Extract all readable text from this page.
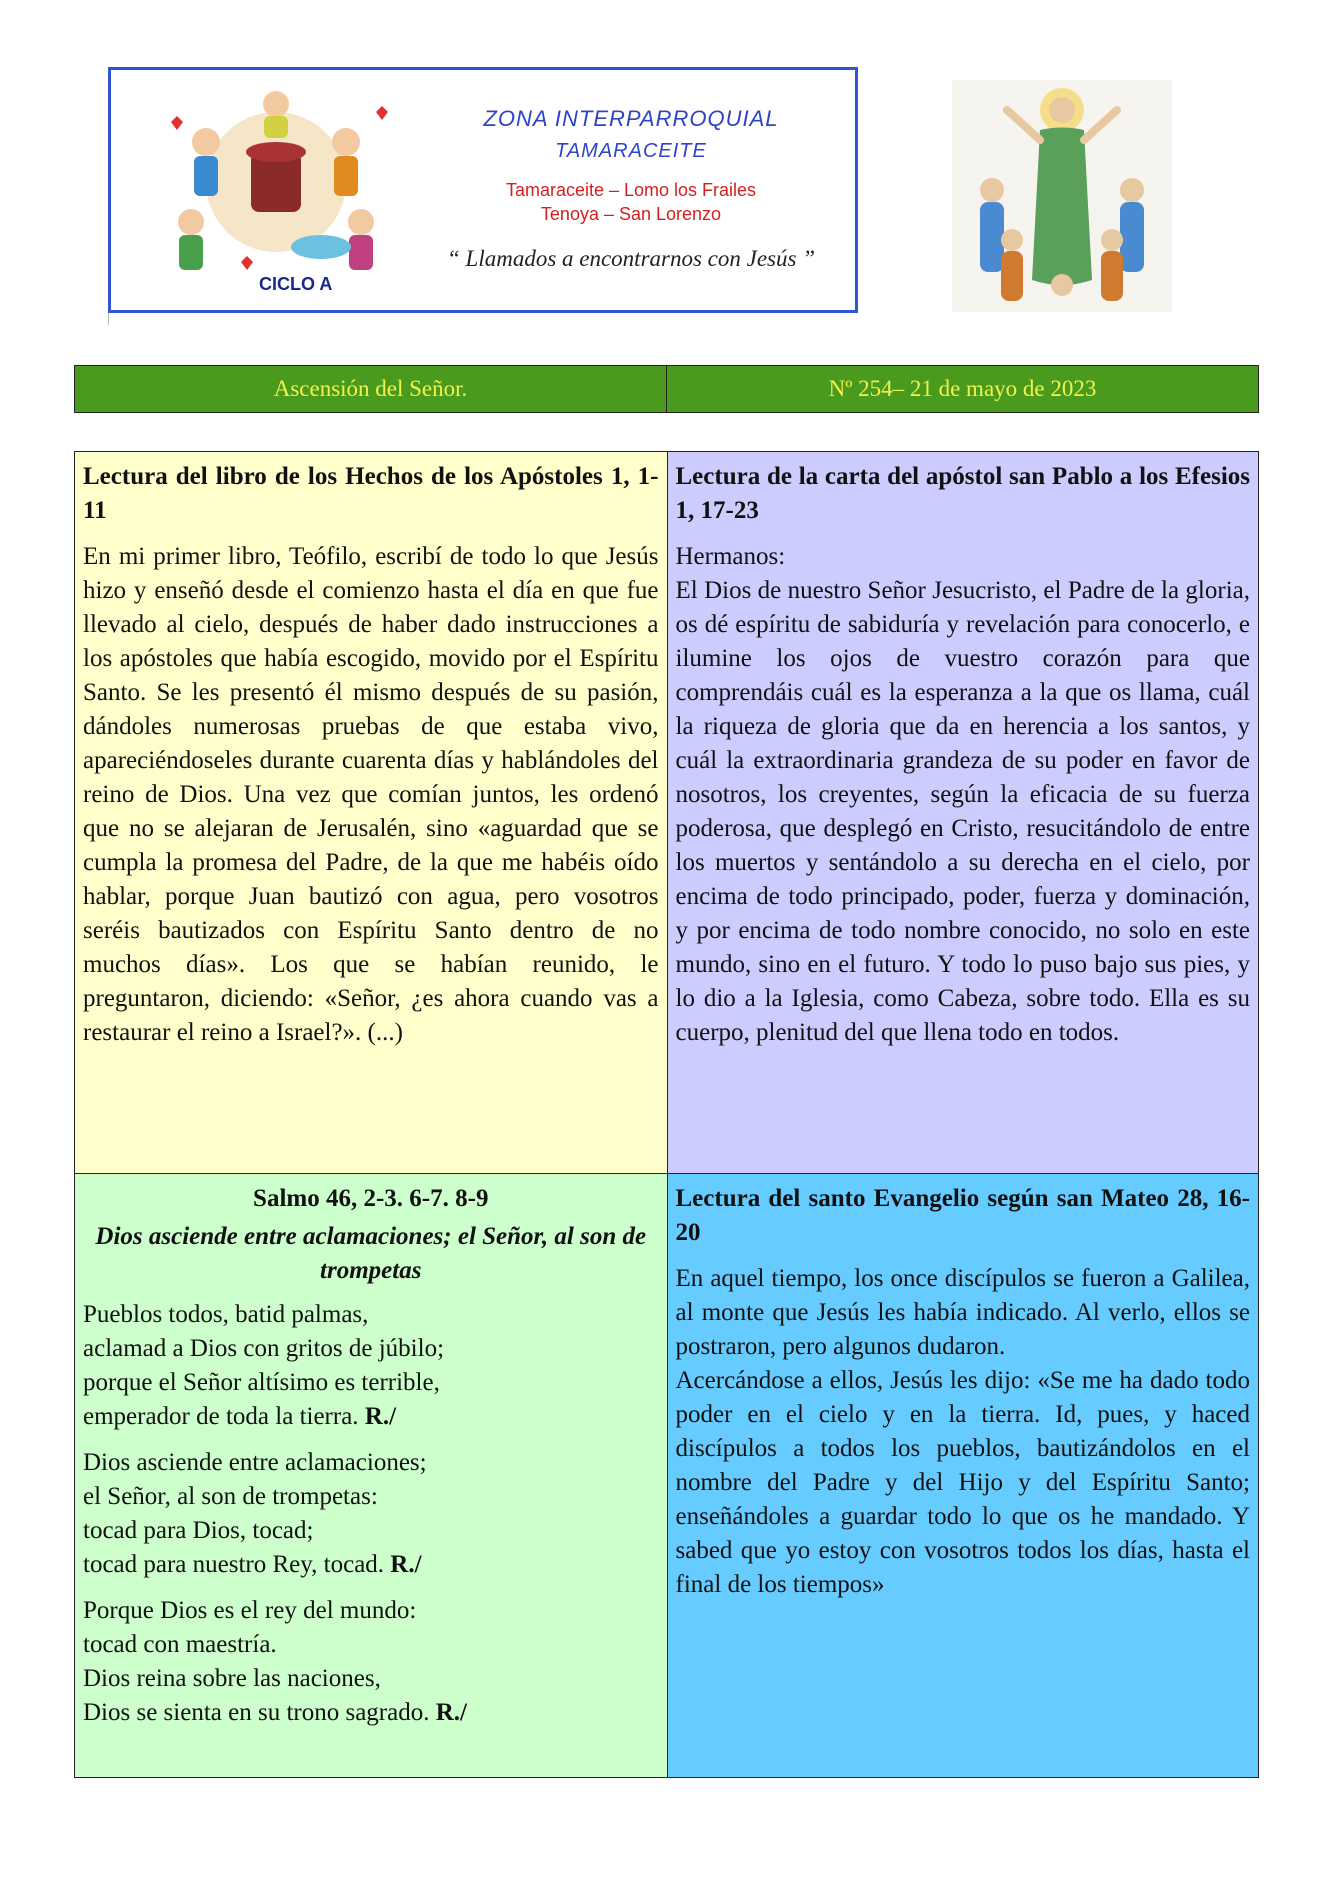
ZONA INTERPARROQUIAL
TAMARACEITE
Tamaraceite – Lomo los Frailes
Tenoya – San Lorenzo
“ Llamados a encontrarnos con Jesús ”
CICLO A
Ascensión del Señor.	Nº 254– 21 de mayo de 2023

Lectura del libro de los Hechos de los Apóstoles 1, 1-11

En mi primer libro, Teófilo, escribí de todo lo que Jesús hizo y enseñó desde el comienzo hasta el día en que fue llevado al cielo, después de haber dado instrucciones a los apóstoles que había escogido, movido por el Espíritu Santo. Se les presentó él mismo después de su pasión, dándoles numerosas pruebas de que estaba vivo, apareciéndoseles durante cuarenta días y hablándoles del reino de Dios. Una vez que comían juntos, les ordenó que no se alejaran de Jerusalén, sino «aguardad que se cumpla la promesa del Padre, de la que me habéis oído hablar, porque Juan bautizó con agua, pero vosotros seréis bautizados con Espíritu Santo dentro de no muchos días». Los que se habían reunido, le preguntaron, diciendo: «Señor, ¿es ahora cuando vas a restaurar el reino a Israel?». (...)

Lectura de la carta del apóstol san Pablo a los Efesios 1, 17-23

Hermanos:
El Dios de nuestro Señor Jesucristo, el Padre de la gloria, os dé espíritu de sabiduría y revelación para conocerlo, e ilumine los ojos de vuestro corazón para que comprendáis cuál es la esperanza a la que os llama, cuál la riqueza de gloria que da en herencia a los santos, y cuál la extraordinaria grandeza de su poder en favor de nosotros, los creyentes, según la eficacia de su fuerza poderosa, que desplegó en Cristo, resucitándolo de entre los muertos y sentándolo a su derecha en el cielo, por encima de todo principado, poder, fuerza y dominación, y por encima de todo nombre conocido, no solo en este mundo, sino en el futuro. Y todo lo puso bajo sus pies, y lo dio a la Iglesia, como Cabeza, sobre todo. Ella es su cuerpo, plenitud del que llena todo en todos.

Salmo 46, 2-3. 6-7. 8-9

Dios asciende entre aclamaciones; el Señor, al son de trompetas

Pueblos todos, batid palmas,
aclamad a Dios con gritos de júbilo;
porque el Señor altísimo es terrible,
emperador de toda la tierra. R./

Dios asciende entre aclamaciones;
el Señor, al son de trompetas:
tocad para Dios, tocad;
tocad para nuestro Rey, tocad. R./

Porque Dios es el rey del mundo:
tocad con maestría.
Dios reina sobre las naciones,
Dios se sienta en su trono sagrado. R./

Lectura del santo Evangelio según san Mateo 28, 16-20

En aquel tiempo, los once discípulos se fueron a Galilea, al monte que Jesús les había indicado. Al verlo, ellos se postraron, pero algunos dudaron.
Acercándose a ellos, Jesús les dijo: «Se me ha dado todo poder en el cielo y en la tierra. Id, pues, y haced discípulos a todos los pueblos, bautizándolos en el nombre del Padre y del Hijo y del Espíritu Santo; enseñándoles a guardar todo lo que os he mandado. Y sabed que yo estoy con vosotros todos los días, hasta el final de los tiempos»
